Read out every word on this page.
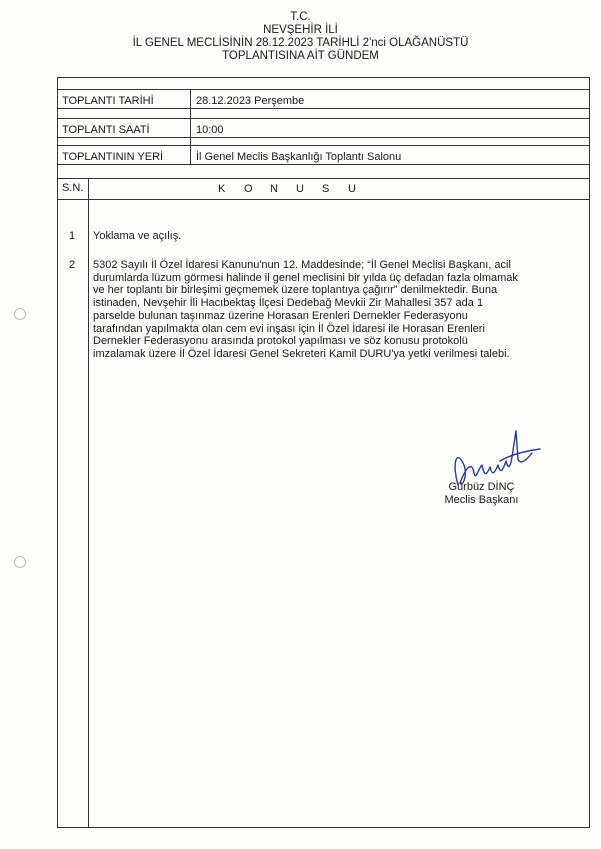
T.C.
NEVŞEHİR İLİ
İL GENEL MECLİSİNİN 28.12.2023 TARİHLİ 2'nci OLAĞANÜSTÜ
TOPLANTISINA AİT GÜNDEM
TOPLANTI TARİHİ	28.12.2023 Perşembe
TOPLANTI SAATİ	10:00
TOPLANTININ YERİ	İl Genel Meclis Başkanlığı Toplantı Salonu
S.N.	K O N U S U
1 Yoklama ve açılış.
2 5302 Sayılı İl Özel İdaresi Kanunu'nun 12. Maddesinde; “İl Genel Meclisi Başkanı, acil
durumlarda lüzum görmesi halinde il genel meclisini bir yılda üç defadan fazla olmamak
ve her toplantı bir birleşimi geçmemek üzere toplantıya çağırır” denilmektedir. Buna
istinaden, Nevşehir İli Hacıbektaş İlçesi Dedebağ Mevkii Zir Mahallesi 357 ada 1
parselde bulunan taşınmaz üzerine Horasan Erenleri Dernekler Federasyonu
tarafından yapılmakta olan cem evi inşası için İl Özel İdaresi ile Horasan Erenleri
Dernekler Federasyonu arasında protokol yapılması ve söz konusu protokolü
imzalamak üzere İl Özel İdaresi Genel Sekreteri Kamil DURU'ya yetki verilmesi talebi.
Gürbüz DİNÇ
Meclis Başkanı
